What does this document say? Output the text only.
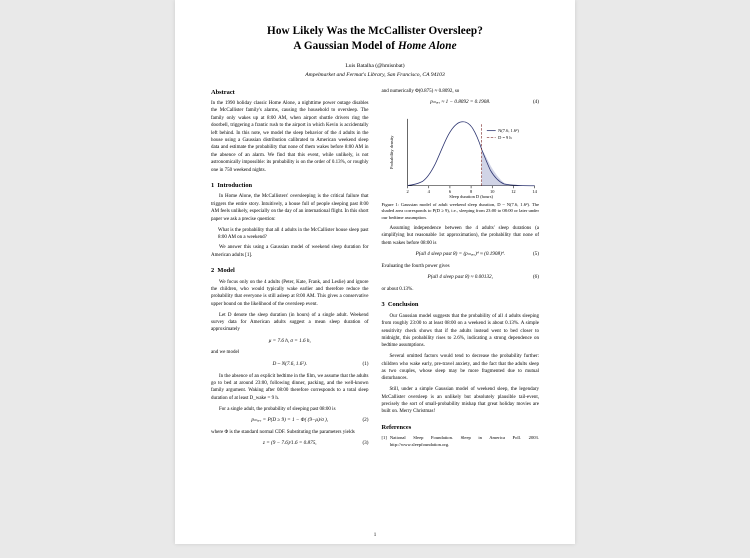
How Likely Was the McCallister Oversleep?
A Gaussian Model of Home Alone
Luis Batalha (@hmisnbat)
Ampelmarket and Fermat's Library, San Francisco, CA 94103
Abstract

In the 1990 holiday classic Home Alone, a nighttime power outage disables the McCallister family's alarms, causing the household to oversleep. The family only wakes up at 8:00 AM, when airport shuttle drivers ring the doorbell, triggering a frantic rush to the airport in which Kevin is accidentally left behind. In this note, we model the sleep behavior of the 4 adults in the house using a Gaussian distribution calibrated to American weekend sleep data and estimate the probability that none of them wakes before 8:00 AM in the absence of an alarm. We find that this event, while unlikely, is not astronomically impossible: its probability is on the order of 0.13%, or roughly one in 750 weekend nights.

1 Introduction

In Home Alone, the McCallisters' oversleeping is the critical failure that triggers the entire story. Intuitively, a house full of people sleeping past 8:00 AM feels unlikely, especially on the day of an international flight. In this short paper we ask a precise question:

What is the probability that all 4 adults in the McCallister house sleep past 8:00 AM on a weekend?

We answer this using a Gaussian model of weekend sleep duration for American adults [1].

2 Model

We focus only on the 4 adults (Peter, Kate, Frank, and Leslie) and ignore the children, who would typically wake earlier and therefore reduce the probability that everyone is still asleep at 8:00 AM. This gives a conservative upper bound on the likelihood of the oversleep event.

Let D denote the sleep duration (in hours) of a single adult. Weekend survey data for American adults suggest a mean sleep duration of approximately

μ = 7.6 h, σ = 1.6 h,

and we model

D ~ N(7.6, 1.6²).	(1)

In the absence of an explicit bedtime in the film, we assume that the adults go to bed at around 23:00, following dinner, packing, and the well-known family argument. Waking after 08:00 therefore corresponds to a total sleep duration of at least D_wake = 9 h.

For a single adult, the probability of sleeping past 08:00 is

pₘₒᵣₑ = P(D ≥ 9) = 1 − Φ( (9−μ)/σ ),	(2)

where Φ is the standard normal CDF. Substituting the parameters yields

z = (9 − 7.6)/1.6 = 0.875,	(3)

and numerically Φ(0.875) ≈ 0.8092, so

pₘₒᵣₑ ≈ 1 − 0.8092 = 0.1908.	(4)
2 4 6 8 10 12 14
N(7.6, 1.6²)
D = 9 h
Sleep duration D (hours)
Probability density
Figure 1: Gaussian model of adult weekend sleep duration, D ~ N(7.6, 1.6²). The shaded area corresponds to P(D ≥ 9), i.e., sleeping from 23:00 to 08:00 or later under our bedtime assumption.

Assuming independence between the 4 adults' sleep durations (a simplifying but reasonable 1st approximation), the probability that none of them wakes before 08:00 is

P(all 4 sleep past 8) = (pₘₒᵣₑ)⁴ ≈ (0.1908)⁴.	(5)

Evaluating the fourth power gives

P(all 4 sleep past 8) ≈ 0.00132,	(6)

or about 0.13%.

3 Conclusion

Our Gaussian model suggests that the probability of all 4 adults sleeping from roughly 23:00 to at least 08:00 on a weekend is about 0.13%. A simple sensitivity check shows that if the adults instead went to bed closer to midnight, this probability rises to 2.6%, indicating a strong dependence on bedtime assumptions.

Several omitted factors would tend to decrease the probability further: children who wake early, pre-travel anxiety, and the fact that the adults sleep as two couples, whose sleep may be more fragmented due to mutual disturbances.

Still, under a simple Gaussian model of weekend sleep, the legendary McCallister oversleep is an unlikely but absolutely plausible tail-event, precisely the sort of small-probability mishap that great holiday movies are built on. Merry Christmas!

References
[1] National Sleep Foundation. Sleep in America Poll. 2003. http://www.sleepfoundation.org.
1
